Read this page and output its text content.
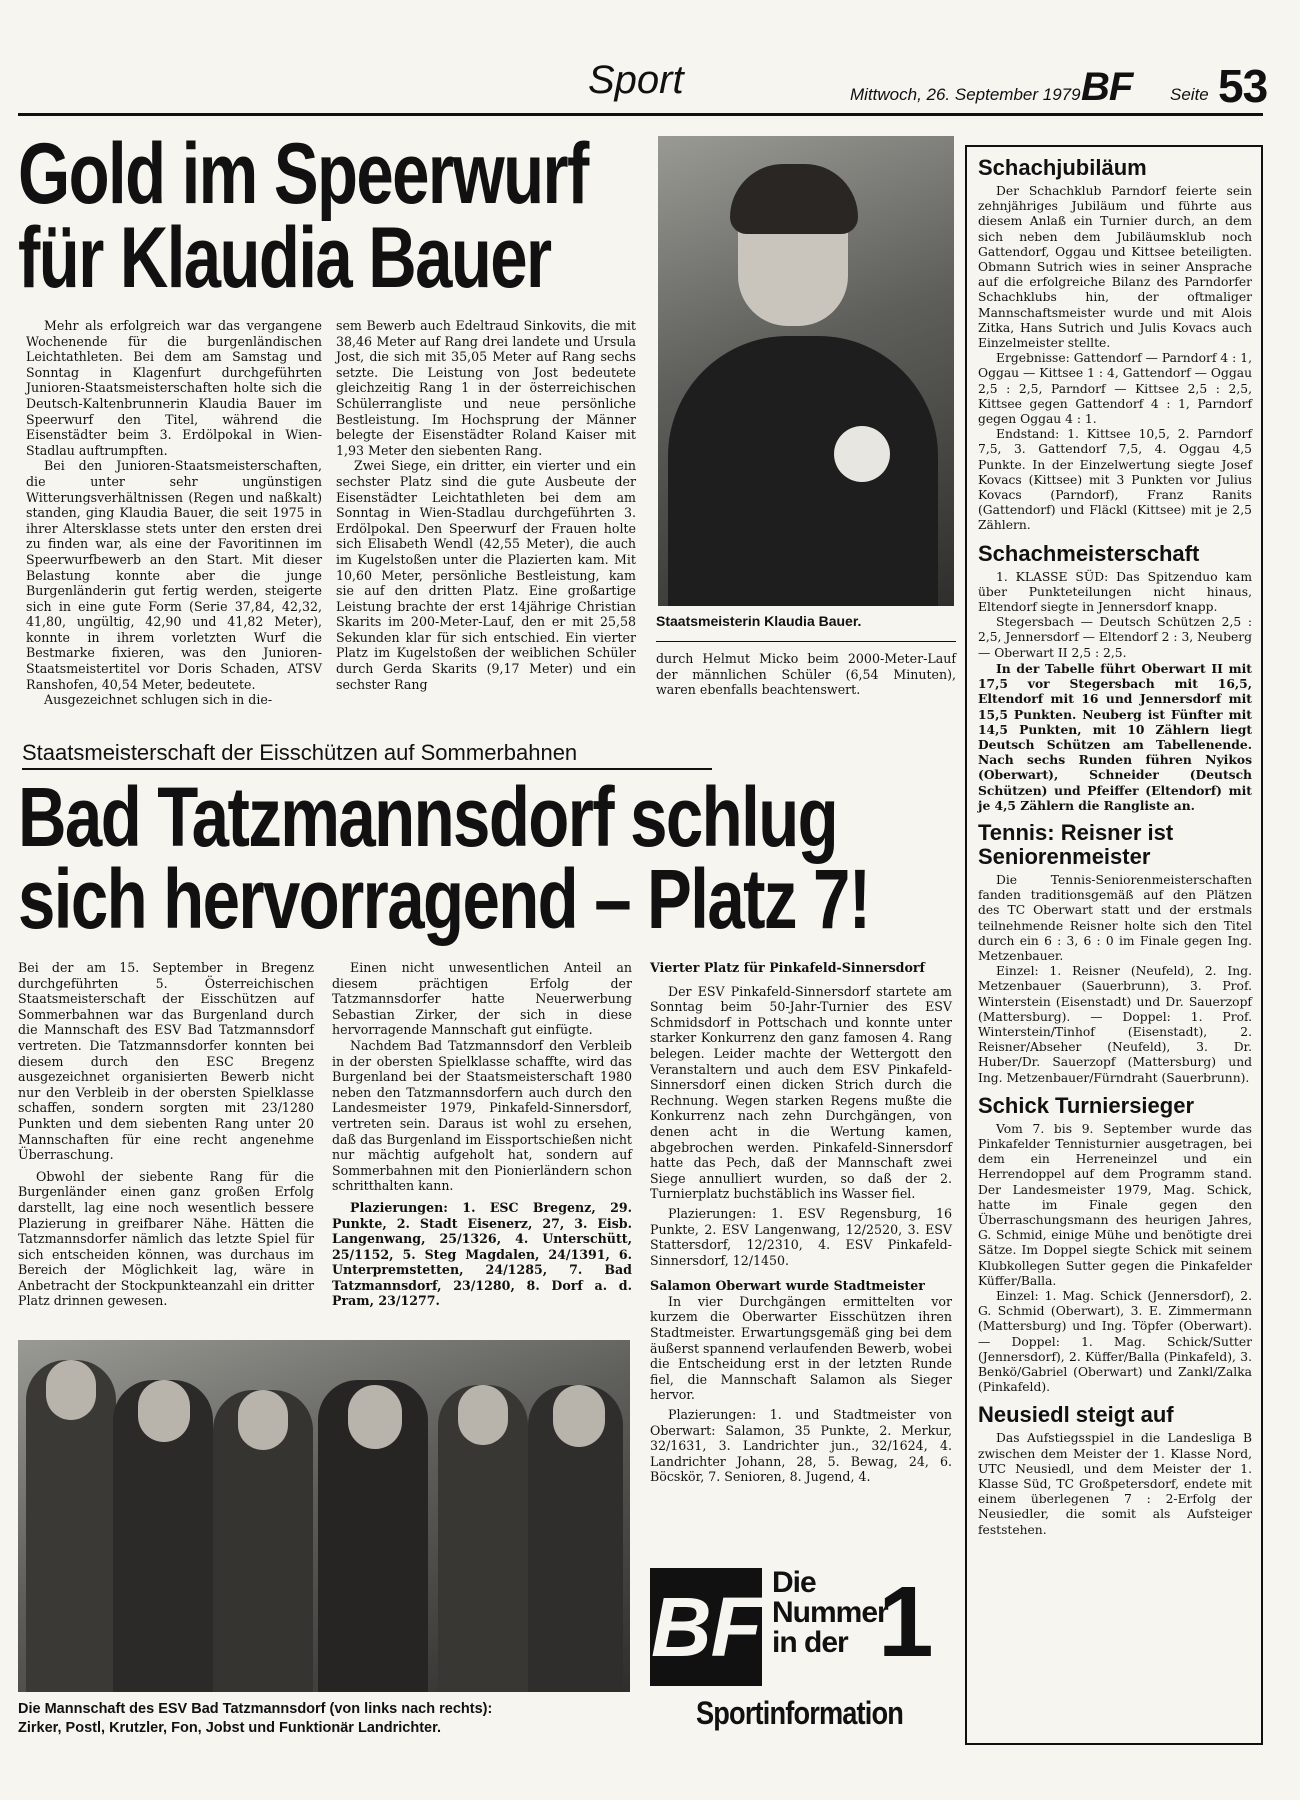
Sport	Mittwoch, 26. September 1979 BF Seite 53
Gold im Speerwurf
für Klaudia Bauer

Mehr als erfolgreich war das vergangene Wochenende für die burgenländischen Leichtathleten. Bei dem am Samstag und Sonntag in Klagenfurt durchgeführten Junioren-Staatsmeisterschaften holte sich die Deutsch-Kaltenbrunnerin Klaudia Bauer im Speerwurf den Titel, während die Eisenstädter beim 3. Erdölpokal in Wien-Stadlau auftrumpften.

Bei den Junioren-Staatsmeisterschaften, die unter sehr ungünstigen Witterungsverhältnissen (Regen und naßkalt) standen, ging Klaudia Bauer, die seit 1975 in ihrer Altersklasse stets unter den ersten drei zu finden war, als eine der Favoritinnen im Speerwurfbewerb an den Start. Mit dieser Belastung konnte aber die junge Burgenländerin gut fertig werden, steigerte sich in eine gute Form (Serie 37,84, 42,32, 41,80, ungültig, 42,90 und 41,82 Meter), konnte in ihrem vorletzten Wurf die Bestmarke fixieren, was den Junioren-Staatsmeistertitel vor Doris Schaden, ATSV Ranshofen, 40,54 Meter, bedeutete.

Ausgezeichnet schlugen sich in die-

sem Bewerb auch Edeltraud Sinkovits, die mit 38,46 Meter auf Rang drei landete und Ursula Jost, die sich mit 35,05 Meter auf Rang sechs setzte. Die Leistung von Jost bedeutete gleichzeitig Rang 1 in der österreichischen Schülerrangliste und neue persönliche Bestleistung. Im Hochsprung der Männer belegte der Eisenstädter Roland Kaiser mit 1,93 Meter den siebenten Rang.

Zwei Siege, ein dritter, ein vierter und ein sechster Platz sind die gute Ausbeute der Eisenstädter Leichtathleten bei dem am Sonntag in Wien-Stadlau durchgeführten 3. Erdölpokal. Den Speerwurf der Frauen holte sich Elisabeth Wendl (42,55 Meter), die auch im Kugelstoßen unter die Plazierten kam. Mit 10,60 Meter, persönliche Bestleistung, kam sie auf den dritten Platz. Eine großartige Leistung brachte der erst 14jährige Christian Skarits im 200-Meter-Lauf, den er mit 25,58 Sekunden klar für sich entschied. Ein vierter Platz im Kugelstoßen der weiblichen Schüler durch Gerda Skarits (9,17 Meter) und ein sechster Rang

Staatsmeisterin Klaudia Bauer.

durch Helmut Micko beim 2000-Meter-Lauf der männlichen Schüler (6,54 Minuten), waren ebenfalls beachtenswert.

Staatsmeisterschaft der Eisschützen auf Sommerbahnen
Bad Tatzmannsdorf schlug
sich hervorragend – Platz 7!

Bei der am 15. September in Bregenz durchgeführten 5. Österreichischen Staatsmeisterschaft der Eisschützen auf Sommerbahnen war das Burgenland durch die Mannschaft des ESV Bad Tatzmannsdorf vertreten. Die Tatzmannsdorfer konnten bei diesem durch den ESC Bregenz ausgezeichnet organisierten Bewerb nicht nur den Verbleib in der obersten Spielklasse schaffen, sondern sorgten mit 23/1280 Punkten und dem siebenten Rang unter 20 Mannschaften für eine recht angenehme Überraschung.

Obwohl der siebente Rang für die Burgenländer einen ganz großen Erfolg darstellt, lag eine noch wesentlich bessere Plazierung in greifbarer Nähe. Hätten die Tatzmannsdorfer nämlich das letzte Spiel für sich entscheiden können, was durchaus im Bereich der Möglichkeit lag, wäre in Anbetracht der Stockpunkteanzahl ein dritter Platz drinnen gewesen.

Einen nicht unwesentlichen Anteil an diesem prächtigen Erfolg der Tatzmannsdorfer hatte Neuerwerbung Sebastian Zirker, der sich in diese hervorragende Mannschaft gut einfügte.

Nachdem Bad Tatzmannsdorf den Verbleib in der obersten Spielklasse schaffte, wird das Burgenland bei der Staatsmeisterschaft 1980 neben den Tatzmannsdorfern auch durch den Landesmeister 1979, Pinkafeld-Sinnersdorf, vertreten sein. Daraus ist wohl zu ersehen, daß das Burgenland im Eissportschießen nicht nur mächtig aufgeholt hat, sondern auf Sommerbahnen mit den Pionierländern schon schritthalten kann.

Plazierungen: 1. ESC Bregenz, 29. Punkte, 2. Stadt Eisenerz, 27, 3. Eisb. Langenwang, 25/1326, 4. Unterschütt, 25/1152, 5. Steg Magdalen, 24/1391, 6. Unterpremstetten, 24/1285, 7. Bad Tatzmannsdorf, 23/1280, 8. Dorf a. d. Pram, 23/1277.

Vierter Platz für Pinkafeld-Sinnersdorf

Der ESV Pinkafeld-Sinnersdorf startete am Sonntag beim 50-Jahr-Turnier des ESV Schmidsdorf in Pottschach und konnte unter starker Konkurrenz den ganz famosen 4. Rang belegen. Leider machte der Wettergott den Veranstaltern und auch dem ESV Pinkafeld-Sinnersdorf einen dicken Strich durch die Rechnung. Wegen starken Regens mußte die Konkurrenz nach zehn Durchgängen, von denen acht in die Wertung kamen, abgebrochen werden. Pinkafeld-Sinnersdorf hatte das Pech, daß der Mannschaft zwei Siege annulliert wurden, so daß der 2. Turnierplatz buchstäblich ins Wasser fiel.

Plazierungen: 1. ESV Regensburg, 16 Punkte, 2. ESV Langenwang, 12/2520, 3. ESV Stattersdorf, 12/2310, 4. ESV Pinkafeld-Sinnersdorf, 12/1450.

Salamon Oberwart wurde Stadtmeister

In vier Durchgängen ermittelten vor kurzem die Oberwarter Eisschützen ihren Stadtmeister. Erwartungsgemäß ging bei dem äußerst spannend verlaufenden Bewerb, wobei die Entscheidung erst in der letzten Runde fiel, die Mannschaft Salamon als Sieger hervor.

Plazierungen: 1. und Stadtmeister von Oberwart: Salamon, 35 Punkte, 2. Merkur, 32/1631, 3. Landrichter jun., 32/1624, 4. Landrichter Johann, 28, 5. Bewag, 24, 6. Böcskör, 7. Senioren, 8. Jugend, 4.

Die Mannschaft des ESV Bad Tatzmannsdorf (von links nach rechts):
Zirker, Postl, Krutzler, Fon, Jobst und Funktionär Landrichter.
BF Die
Nummer
in der 1
Sportinformation
Schachjubiläum

Der Schachklub Parndorf feierte sein zehnjähriges Jubiläum und führte aus diesem Anlaß ein Turnier durch, an dem sich neben dem Jubiläumsklub noch Gattendorf, Oggau und Kittsee beteiligten. Obmann Sutrich wies in seiner Ansprache auf die erfolgreiche Bilanz des Parndorfer Schachklubs hin, der oftmaliger Mannschaftsmeister wurde und mit Alois Zitka, Hans Sutrich und Julis Kovacs auch Einzelmeister stellte.

Ergebnisse: Gattendorf — Parndorf 4 : 1, Oggau — Kittsee 1 : 4, Gattendorf — Oggau 2,5 : 2,5, Parndorf — Kittsee 2,5 : 2,5, Kittsee gegen Gattendorf 4 : 1, Parndorf gegen Oggau 4 : 1.

Endstand: 1. Kittsee 10,5, 2. Parndorf 7,5, 3. Gattendorf 7,5, 4. Oggau 4,5 Punkte. In der Einzelwertung siegte Josef Kovacs (Kittsee) mit 3 Punkten vor Julius Kovacs (Parndorf), Franz Ranits (Gattendorf) und Fläckl (Kittsee) mit je 2,5 Zählern.

Schachmeisterschaft

1. KLASSE SÜD: Das Spitzenduo kam über Punkteteilungen nicht hinaus, Eltendorf siegte in Jennersdorf knapp.

Stegersbach — Deutsch Schützen 2,5 : 2,5, Jennersdorf — Eltendorf 2 : 3, Neuberg — Oberwart II 2,5 : 2,5.

In der Tabelle führt Oberwart II mit 17,5 vor Stegersbach mit 16,5, Eltendorf mit 16 und Jennersdorf mit 15,5 Punkten. Neuberg ist Fünfter mit 14,5 Punkten, mit 10 Zählern liegt Deutsch Schützen am Tabellenende. Nach sechs Runden führen Nyikos (Oberwart), Schneider (Deutsch Schützen) und Pfeiffer (Eltendorf) mit je 4,5 Zählern die Rangliste an.

Tennis: Reisner ist
Seniorenmeister

Die Tennis-Seniorenmeisterschaften fanden traditionsgemäß auf den Plätzen des TC Oberwart statt und der erstmals teilnehmende Reisner holte sich den Titel durch ein 6 : 3, 6 : 0 im Finale gegen Ing. Metzenbauer.

Einzel: 1. Reisner (Neufeld), 2. Ing. Metzenbauer (Sauerbrunn), 3. Prof. Winterstein (Eisenstadt) und Dr. Sauerzopf (Mattersburg). — Doppel: 1. Prof. Winterstein/Tinhof (Eisenstadt), 2. Reisner/Abseher (Neufeld), 3. Dr. Huber/Dr. Sauerzopf (Mattersburg) und Ing. Metzenbauer/Fürndraht (Sauerbrunn).

Schick Turniersieger

Vom 7. bis 9. September wurde das Pinkafelder Tennisturnier ausgetragen, bei dem ein Herreneinzel und ein Herrendoppel auf dem Programm stand. Der Landesmeister 1979, Mag. Schick, hatte im Finale gegen den Überraschungsmann des heurigen Jahres, G. Schmid, einige Mühe und benötigte drei Sätze. Im Doppel siegte Schick mit seinem Klubkollegen Sutter gegen die Pinkafelder Küffer/Balla.

Einzel: 1. Mag. Schick (Jennersdorf), 2. G. Schmid (Oberwart), 3. E. Zimmermann (Mattersburg) und Ing. Töpfer (Oberwart). — Doppel: 1. Mag. Schick/Sutter (Jennersdorf), 2. Küffer/Balla (Pinkafeld), 3. Benkö/Gabriel (Oberwart) und Zankl/Zalka (Pinkafeld).

Neusiedl steigt auf

Das Aufstiegsspiel in die Landesliga B zwischen dem Meister der 1. Klasse Nord, UTC Neusiedl, und dem Meister der 1. Klasse Süd, TC Großpetersdorf, endete mit einem überlegenen 7 : 2-Erfolg der Neusiedler, die somit als Aufsteiger feststehen.
